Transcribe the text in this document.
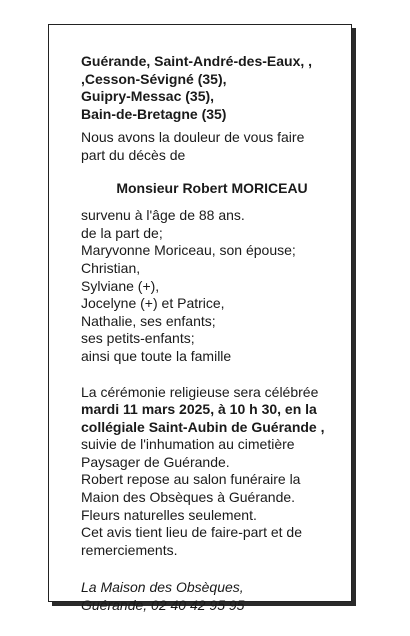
Guérande, Saint-André-des-Eaux, ,
,Cesson-Sévigné (35),
Guipry-Messac (35),
Bain-de-Bretagne (35)
Nous avons la douleur de vous faire
part du décès de
Monsieur Robert MORICEAU
survenu à l'âge de 88 ans.
de la part de;
Maryvonne Moriceau, son épouse;
Christian,
Sylviane (+),
Jocelyne (+) et Patrice,
Nathalie, ses enfants;
ses petits-enfants;
ainsi que toute la famille
La cérémonie religieuse sera célébrée
mardi 11 mars 2025, à 10 h 30, en la
collégiale Saint-Aubin de Guérande ,
suivie de l'inhumation au cimetière
Paysager de Guérande.
Robert repose au salon funéraire la
Maion des Obsèques à Guérande.
Fleurs naturelles seulement.
Cet avis tient lieu de faire-part et de
remerciements.
La Maison des Obsèques,
Guérande, 02 40 42 95 95
